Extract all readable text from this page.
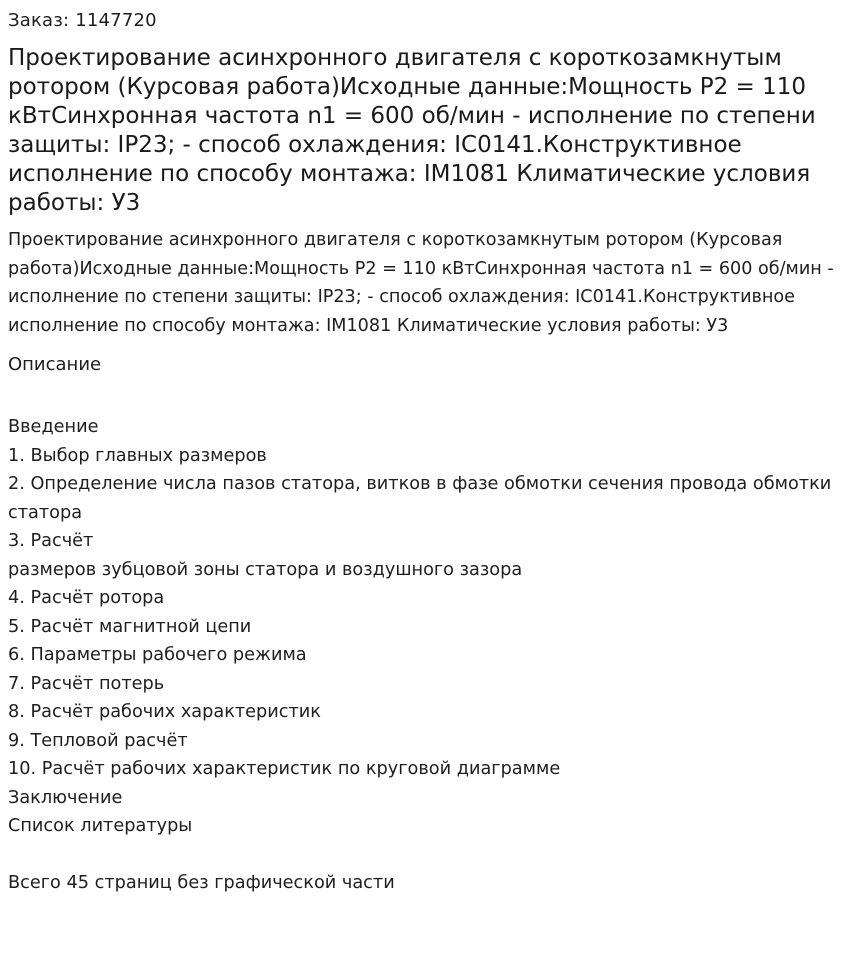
Заказ: 1147720
Проектирование асинхронного двигателя с короткозамкнутым ротором (Курсовая работа)Исходные данные:Мощность Р2 = 110 кВтСинхронная частота n1 = 600 об/мин - исполнение по степени защиты: IP23; - способ охлаждения: IC0141.Конструктивное исполнение по способу монтажа: IM1081 Климатические условия работы: У3
Проектирование асинхронного двигателя с короткозамкнутым ротором (Курсовая работа)Исходные данные:Мощность Р2 = 110 кВтСинхронная частота n1 = 600 об/мин - исполнение по степени защиты: IP23; - способ охлаждения: IC0141.Конструктивное исполнение по способу монтажа: IM1081 Климатические условия работы: У3
Описание
Введение
1. Выбор главных размеров
2. Определение числа пазов статора, витков в фазе обмотки сечения провода обмотки статора
3. Расчёт
размеров зубцовой зоны статора и воздушного зазора
4. Расчёт ротора
5. Расчёт магнитной цепи
6. Параметры рабочего режима
7. Расчёт потерь
8. Расчёт рабочих характеристик
9. Тепловой расчёт
10. Расчёт рабочих характеристик по круговой диаграмме
Заключение
Список литературы
Всего 45 страниц без графической части
